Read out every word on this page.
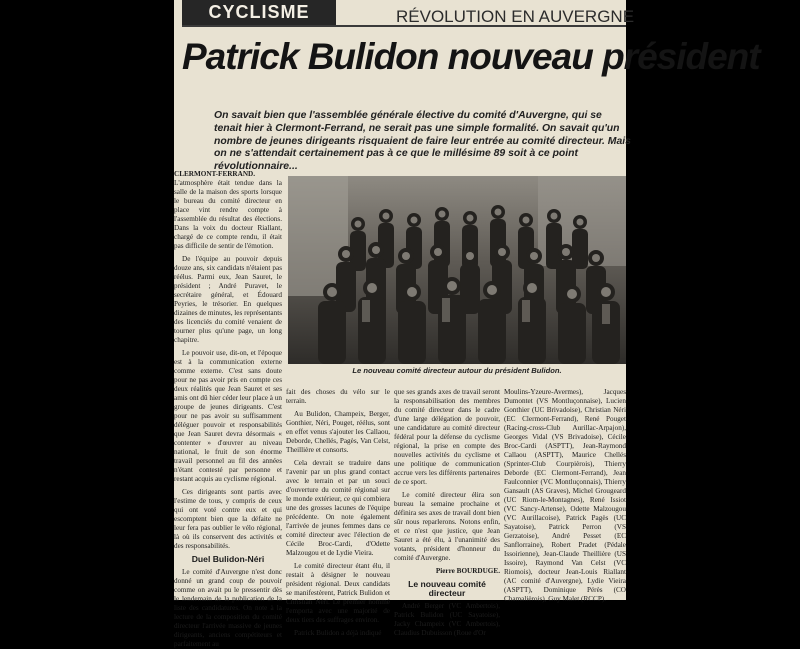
CYCLISME	RÉVOLUTION EN AUVERGNE
Patrick Bulidon nouveau président

On savait bien que l'assemblée générale élective du comité d'Auvergne, qui se tenait hier à Clermont-Ferrand, ne serait pas une simple formalité. On savait qu'un nombre de jeunes dirigeants risquaient de faire leur entrée au comité directeur. Mais on ne s'attendait certainement pas à ce que le millésime 89 soit à ce point révolutionnaire...

CLERMONT-FERRAND. L'atmosphère était tendue dans la salle de la maison des sports lorsque le bureau du comité directeur en place vint rendre compte à l'assemblée du résultat des élections. Dans la voix du docteur Riallant, chargé de ce compte rendu, il était pas difficile de sentir de l'émotion.

De l'équipe au pouvoir depuis douze ans, six candidats n'étaient pas réélus. Parmi eux, Jean Sauret, le président ; André Puravet, le secrétaire général, et Édouard Peyries, le trésorier. En quelques dizaines de minutes, les représentants des licenciés du comité venaient de tourner plus qu'une page, un long chapitre.

Le pouvoir use, dit-on, et l'époque est à la communication externe comme externe. C'est sans doute pour ne pas avoir pris en compte ces deux réalités que Jean Sauret et ses amis ont dû hier céder leur place à un groupe de jeunes dirigeants. C'est pour ne pas avoir su suffisamment déléguer pouvoir et responsabilités que Jean Sauret devra désormais « contenter » d'œuvrer au niveau national, le fruit de son énorme travail personnel au fil des années n'étant contesté par personne et restant acquis au cyclisme régional.

Ces dirigeants sont partis avec l'estime de tous, y compris de ceux qui ont voté contre eux et qui escomptent bien que la défaite ne leur fera pas oublier le vélo régional, là où ils conservent des activités et des responsabilités.

Duel Bulidon-Néri

Le comité d'Auvergne n'est donc donné un grand coup de pouvoir comme on avait pu le pressentir dès le lendemain de la publication de la liste des candidatures. On note à la lecture de la composition du comité directeur l'arrivée massive de jeunes dirigeants, anciens compétiteurs et parfaitement au

Le nouveau comité directeur autour du président Bulidon.

fait des choses du vélo sur le terrain.

Au Bulidon, Champeix, Berger, Gonthier, Néri, Pouget, réélus, sont en effet venus s'ajouter les Callaou, Deborde, Chellés, Pagès, Van Celst, Theillière et consorts.

Cela devrait se traduire dans l'avenir par un plus grand contact avec le terrain et par un souci d'ouverture du comité régional sur le monde extérieur, ce qui combiera une des grosses lacunes de l'équipe précédente. On note également l'arrivée de jeunes femmes dans ce comité directeur avec l'élection de Cécile Broc-Cardi, d'Odette Malzougou et de Lydie Vieira.

Le comité directeur étant élu, il restait à désigner le nouveau président régional. Deux candidats se manifestèrent, Patrick Bulidon et Christian Néri. Le premier nommé l'emporta avec une majorité de deux tiers des suffrages environ.

Patrick Bulidon a déjà indiqué

que ses grands axes de travail seront la responsabilisation des membres du comité directeur dans le cadre d'une large délégation de pouvoir, une candidature au comité directeur fédéral pour la défense du cyclisme régional, la prise en compte des nouvelles activités du cyclisme et une politique de communication accrue vers les différents partenaires de ce sport.

Le comité directeur élira son bureau la semaine prochaine et définira ses axes de travail dont bien sûr nous reparlerons. Notons enfin, et ce n'est que justice, que Jean Sauret a été élu, à l'unanimité des votants, président d'honneur du comité d'Auvergne.

Pierre BOURDUGE.
Le nouveau comité directeur

André Berger (VC Ambertois), Patrick Bulidon (UC Sayatoise), Jacky Champeix (VC Ambertois), Claudius Dubuisson (Roue d'Or

Moulins-Yzeure-Avermes), Jacques Dumontet (VS Montluçonnaise), Lucien Gonthier (UC Brivadoise), Christian Néri (EC Clermont-Ferrand), René Pouget (Racing-cross-Club Aurillac-Arpajon), Georges Vidal (VS Brivadoise), Cécile Broc-Cardi (ASPTT), Jean-Raymond Callaou (ASPTT), Maurice Chellés (Sprinter-Club Courpièrois), Thierry Deborde (EC Clermont-Ferrand), Jean Faulconnier (VC Montluçonnais), Thierry Gansault (AS Graves), Michel Grougeard (UC Riom-le-Montagnes), René Issiot (VC Sancy-Artense), Odette Malzougou (VC Aurillacoise), Patrick Pagès (UC Sayatoise), Patrick Perron (VS Gerzatoise), André Pesset (EC Sanflorraine), Robert Pradet (Pédale Issoirienne), Jean-Claude Theillière (US Issoire), Raymond Van Celst (VC Riomois), docteur Jean-Louis Riallant (AC comité d'Auvergne), Lydie Vieira (ASPTT), Dominique Pérès (CO Chamalièrois), Guy Malet (RCCP).
